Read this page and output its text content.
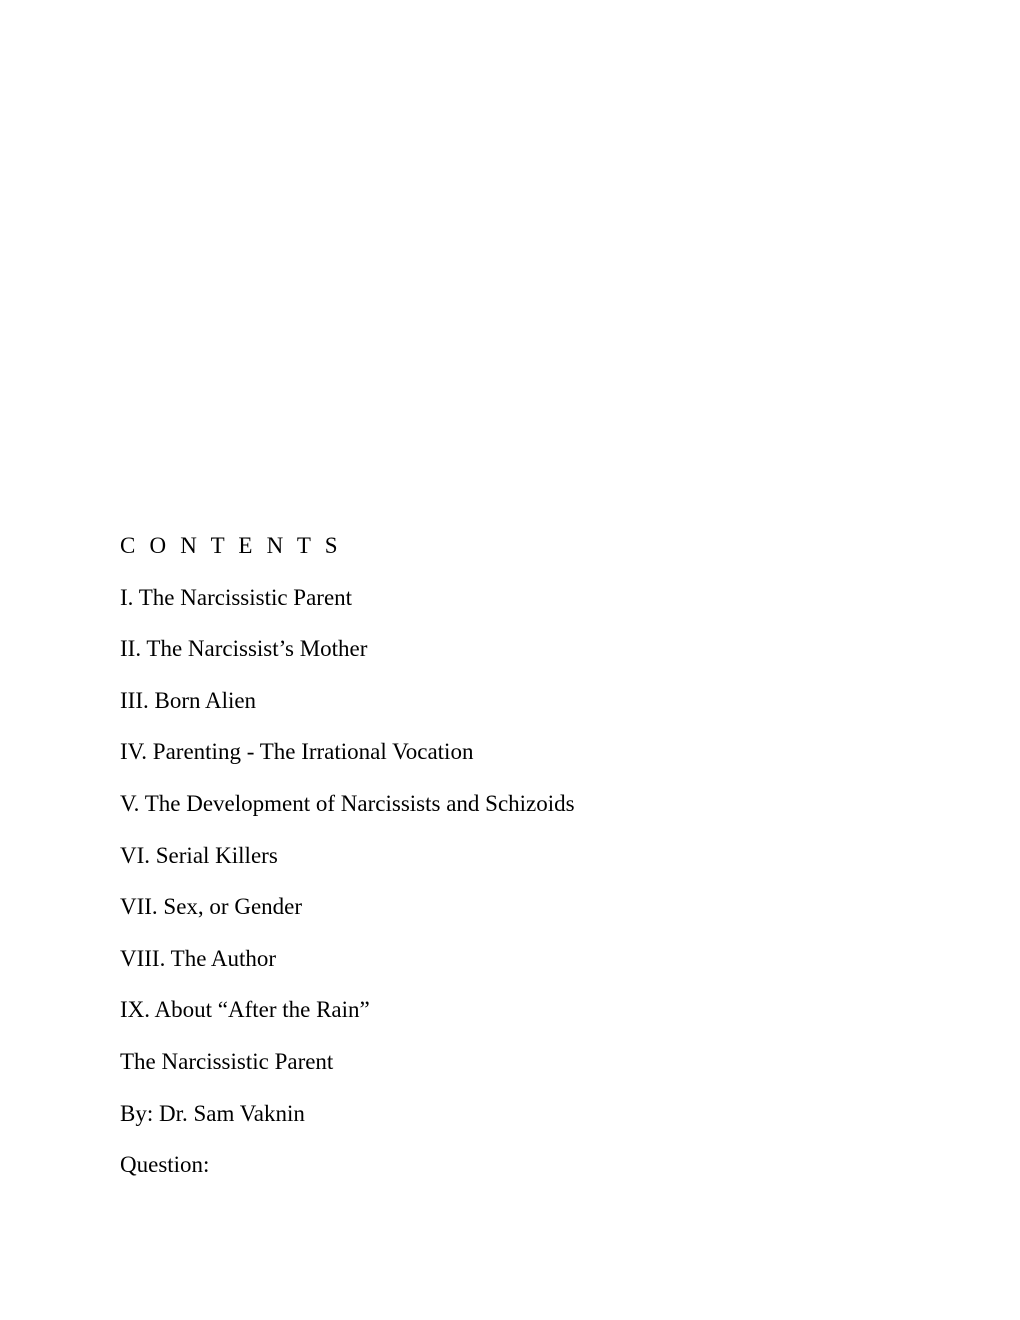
C O N T E N T S
I. The Narcissistic Parent
II. The Narcissist’s Mother
III. Born Alien
IV. Parenting - The Irrational Vocation
V. The Development of Narcissists and Schizoids
VI. Serial Killers
VII. Sex, or Gender
VIII. The Author
IX. About “After the Rain”
The Narcissistic Parent
By: Dr. Sam Vaknin
Question:
